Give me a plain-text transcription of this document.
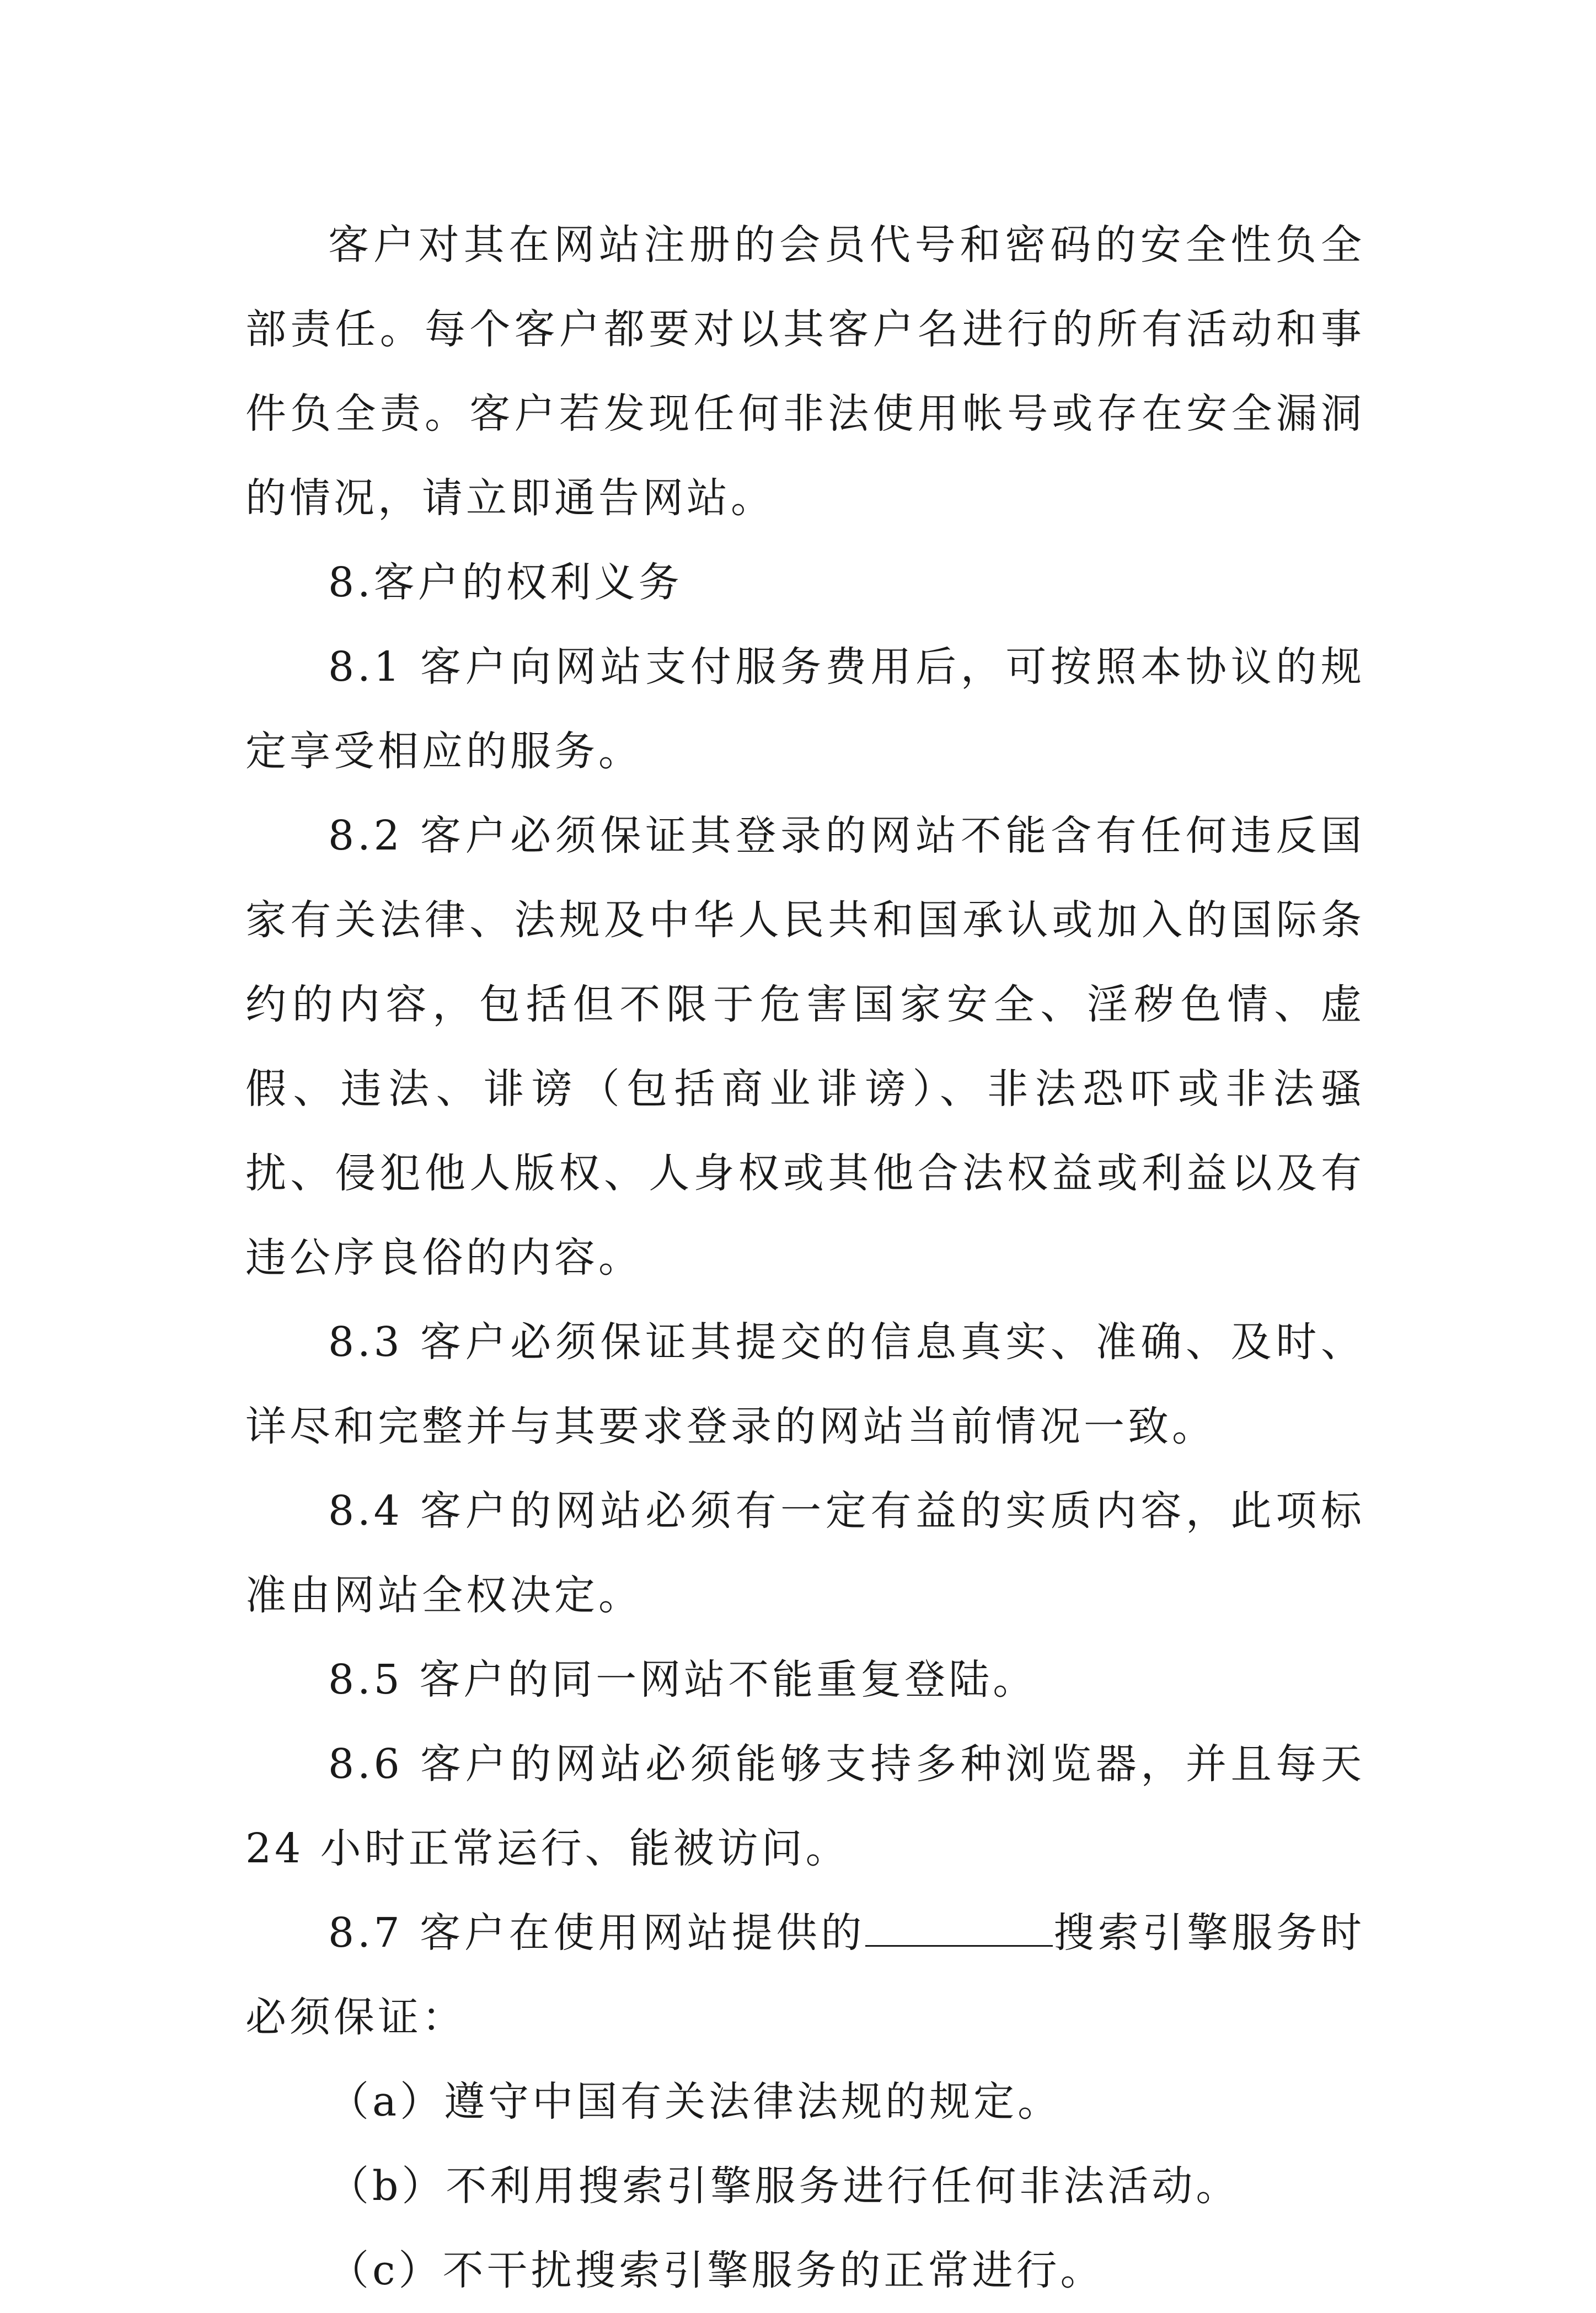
客户对其在网站注册的会员代号和密码的安全性负全部责任。每个客户都要对以其客户名进行的所有活动和事件负全责。客户若发现任何非法使用帐号或存在安全漏洞的情况，请立即通告网站。

8.客户的权利义务

8.1 客户向网站支付服务费用后，可按照本协议的规定享受相应的服务。

8.2 客户必须保证其登录的网站不能含有任何违反国家有关法律、法规及中华人民共和国承认或加入的国际条约的内容，包括但不限于危害国家安全、淫秽色情、虚假、违法、诽谤（包括商业诽谤）、非法恐吓或非法骚扰、侵犯他人版权、人身权或其他合法权益或利益以及有违公序良俗的内容。

8.3 客户必须保证其提交的信息真实、准确、及时、详尽和完整并与其要求登录的网站当前情况一致。

8.4 客户的网站必须有一定有益的实质内容，此项标准由网站全权决定。

8.5 客户的同一网站不能重复登陆。

8.6 客户的网站必须能够支持多种浏览器，并且每天 24 小时正常运行、能被访问。

8.7 客户在使用网站提供的	搜索引擎服务时必须保证：

（a）遵守中国有关法律法规的规定。

（b）不利用搜索引擎服务进行任何非法活动。

（c）不干扰搜索引擎服务的正常进行。
